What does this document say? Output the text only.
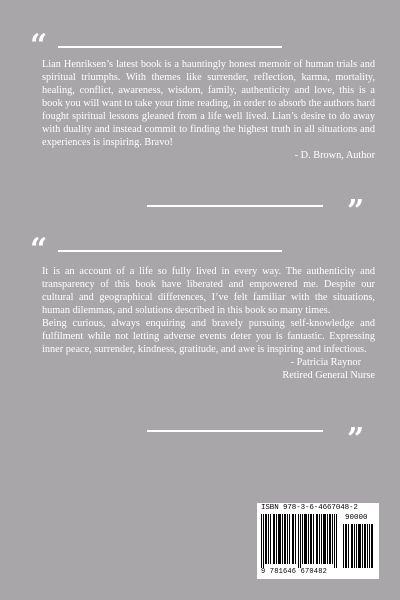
“

Lian Henriksen’s latest book is a hauntingly honest memoir of human trials and spiritual triumphs. With themes like surrender, reflection, karma, mortality, healing, conflict, awareness, wisdom, family, authenticity and love, this is a book you will want to take your time reading, in order to absorb the authors hard fought spiritual lessons gleaned from a life well lived. Lian’s desire to do away with duality and instead commit to finding the highest truth in all situations and experiences is inspiring. Bravo!

- D. Brown, Author

”
“

It is an account of a life so fully lived in every way. The authenticity and transparency of this book have liberated and empowered me. Despite our cultural and geographical differences, I’ve felt familiar with the situations, human dilemmas, and solutions described in this book so many times.

Being curious, always enquiring and bravely pursuing self-knowledge and fulfilment while not letting adverse events deter you is fantastic. Expressing inner peace, surrender, kindness, gratitude, and awe is inspiring and infectious.

- Patricia Raynor

Retired General Nurse

”
ISBN 978-3-6-4667048-2
90000
9 781646 670482
